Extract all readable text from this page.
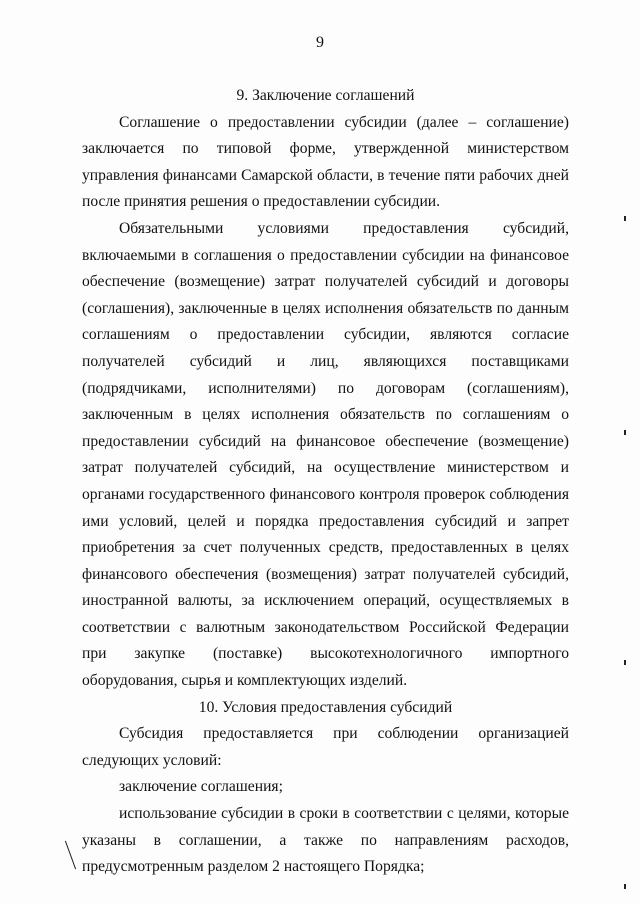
9

9. Заключение соглашений

Соглашение о предоставлении субсидии (далее – соглашение) заключается по типовой форме, утвержденной министерством управления финансами Самарской области, в течение пяти рабочих дней после принятия решения о предоставлении субсидии.

Обязательными условиями предоставления субсидий, включаемыми в соглашения о предоставлении субсидии на финансовое обеспечение (возмещение) затрат получателей субсидий и договоры (соглашения), заключенные в целях исполнения обязательств по данным соглашениям о предоставлении субсидии, являются согласие получателей субсидий и лиц, являющихся поставщиками (подрядчиками, исполнителями) по договорам (соглашениям), заключенным в целях исполнения обязательств по соглашениям о предоставлении субсидий на финансовое обеспечение (возмещение) затрат получателей субсидий, на осуществление министерством и органами государственного финансового контроля проверок соблюдения ими условий, целей и порядка предоставления субсидий и запрет приобретения за счет полученных средств, предоставленных в целях финансового обеспечения (возмещения) затрат получателей субсидий, иностранной валюты, за исключением операций, осуществляемых в соответствии с валютным законодательством Российской Федерации при закупке (поставке) высокотехнологичного импортного оборудования, сырья и комплектующих изделий.

10. Условия предоставления субсидий

Субсидия предоставляется при соблюдении организацией следующих условий:

заключение соглашения;

использование субсидии в сроки в соответствии с целями, которые указаны в соглашении, а также по направлениям расходов, предусмотренным разделом 2 настоящего Порядка;
